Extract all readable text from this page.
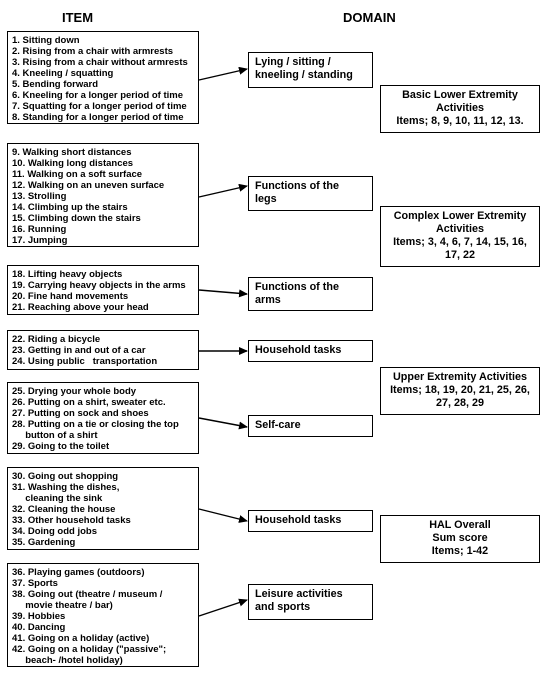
ITEM	DOMAIN
1. Sitting down
2. Rising from a chair with armrests
3. Rising from a chair without armrests
4. Kneeling / squatting
5. Bending forward
6. Kneeling for a longer period of time
7. Squatting for a longer period of time
8. Standing for a longer period of time
9. Walking short distances
10. Walking long distances
11. Walking on a soft surface
12. Walking on an uneven surface
13. Strolling
14. Climbing up the stairs
15. Climbing down the stairs
16. Running
17. Jumping
18. Lifting heavy objects
19. Carrying heavy objects in the arms
20. Fine hand movements
21. Reaching above your head
22. Riding a bicycle
23. Getting in and out of a car
24. Using public   transportation
25. Drying your whole body
26. Putting on a shirt, sweater etc.
27. Putting on sock and shoes
28. Putting on a tie or closing the top
button of a shirt
29. Going to the toilet
30. Going out shopping
31. Washing the dishes,
cleaning the sink
32. Cleaning the house
33. Other household tasks
34. Doing odd jobs
35. Gardening
36. Playing games (outdoors)
37. Sports
38. Going out (theatre / museum /
movie theatre / bar)
39. Hobbies
40. Dancing
41. Going on a holiday (active)
42. Going on a holiday ("passive";
beach- /hotel holiday)
Lying / sitting /
kneeling / standing
Functions of the
legs
Functions of the
arms
Household tasks
Self-care
Household tasks
Leisure activities
and sports
Basic Lower Extremity
Activities
Items; 8, 9, 10, 11, 12, 13.
Complex Lower Extremity
Activities
Items; 3, 4, 6, 7, 14, 15, 16,
17, 22
Upper Extremity Activities
Items; 18, 19, 20, 21, 25, 26,
27, 28, 29
HAL Overall
Sum score
Items; 1-42
